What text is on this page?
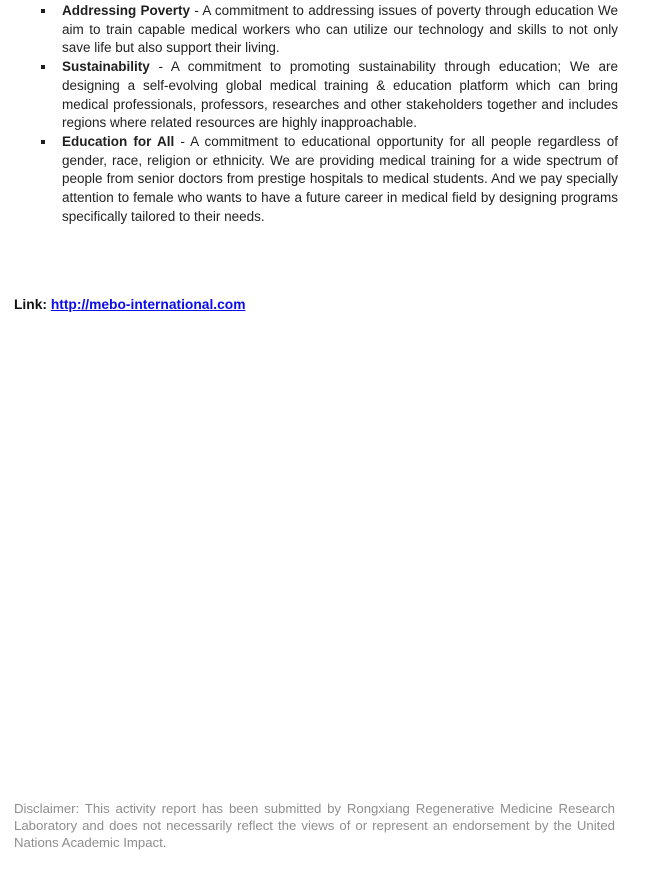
Addressing Poverty - A commitment to addressing issues of poverty through education We aim to train capable medical workers who can utilize our technology and skills to not only save life but also support their living.
Sustainability - A commitment to promoting sustainability through education; We are designing a self-evolving global medical training & education platform which can bring medical professionals, professors, researches and other stakeholders together and includes regions where related resources are highly inapproachable.
Education for All - A commitment to educational opportunity for all people regardless of gender, race, religion or ethnicity. We are providing medical training for a wide spectrum of people from senior doctors from prestige hospitals to medical students. And we pay specially attention to female who wants to have a future career in medical field by designing programs specifically tailored to their needs.

Link: http://mebo-international.com

Disclaimer: This activity report has been submitted by Rongxiang Regenerative Medicine Research Laboratory and does not necessarily reflect the views of or represent an endorsement by the United Nations Academic Impact.
